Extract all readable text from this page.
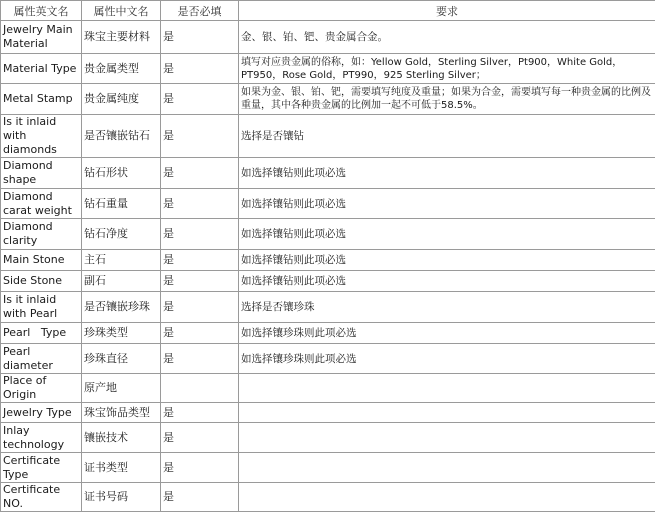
属性英文名	属性中文名	是否必填	要求
Jewelry Main Material	珠宝主要材料	是	金、银、铂、钯、贵金属合金。
Material Type	贵金属类型	是	填写对应贵金属的俗称，如：Yellow Gold，Sterling Silver，Pt900，White Gold，PT950，Rose Gold，PT990，925 Sterling Silver；
Metal Stamp	贵金属纯度	是	如果为金、银、铂、钯，需要填写纯度及重量；如果为合金，需要填写每一种贵金属的比例及重量，其中各种贵金属的比例加一起不可低于58.5%。
Is it inlaid with diamonds	是否镶嵌钻石	是	选择是否镶钻
Diamond shape	钻石形状	是	如选择镶钻则此项必选
Diamond carat weight	钻石重量	是	如选择镶钻则此项必选
Diamond clarity	钻石净度	是	如选择镶钻则此项必选
Main Stone	主石	是	如选择镶钻则此项必选
Side Stone	副石	是	如选择镶钻则此项必选
Is it inlaid with Pearl	是否镶嵌珍珠	是	选择是否镶珍珠
Pearl   Type	珍珠类型	是	如选择镶珍珠则此项必选
Pearl diameter	珍珠直径	是	如选择镶珍珠则此项必选
Place of Origin	原产地		
Jewelry Type	珠宝饰品类型	是	
Inlay technology	镶嵌技术	是	
Certificate Type	证书类型	是	
Certificate NO.	证书号码	是	
